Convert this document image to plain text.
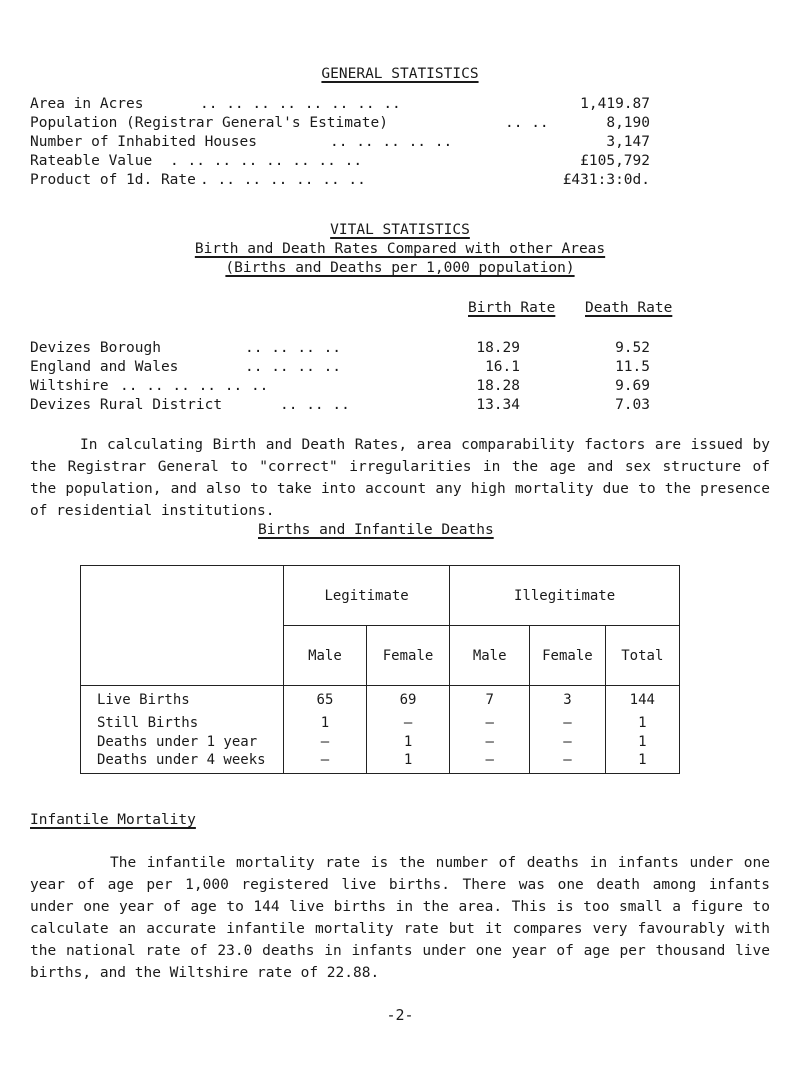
GENERAL STATISTICS
Area in Acres	.. .. .. .. .. .. .. ..	1,419.87
Population (Registrar General's Estimate)	.. ..	8,190
Number of Inhabited Houses	.. .. .. .. ..	3,147
Rateable Value . .. .. .. .. .. .. ..	£105,792
Product of 1d. Rate . .. .. .. .. .. ..	£431:3:0d.
VITAL STATISTICS
Birth and Death Rates Compared with other Areas
(Births and Deaths per 1,000 population)
Birth Rate Death Rate
Devizes Borough	.. .. .. ..	18.29	9.52
England and Wales	.. .. .. ..	16.1	11.5
Wiltshire .. .. .. .. .. ..	18.28	9.69
Devizes Rural District	.. .. ..	13.34	7.03
In calculating Birth and Death Rates, area comparability factors are issued by the Registrar General to "correct" irregularities in the age and sex structure of the population, and also to take into account any high mortality due to the presence of residential institutions.
Births and Infantile Deaths
	Legitimate		Illegitimate		
	Male	Female	Male	Female	Total
Live Births	65	69	7	3	144
Still Births	1	–	–	–	1
Deaths under 1 year	–	1	–	–	1
Deaths under 4 weeks	–	1	–	–	1
Infantile Mortality
The infantile mortality rate is the number of deaths in infants under one year of age per 1,000 registered live births. There was one death among infants under one year of age to 144 live births in the area. This is too small a figure to calculate an accurate infantile mortality rate but it compares very favourably with the national rate of 23.0 deaths in infants under one year of age per thousand live births, and the Wiltshire rate of 22.88.
-2-
